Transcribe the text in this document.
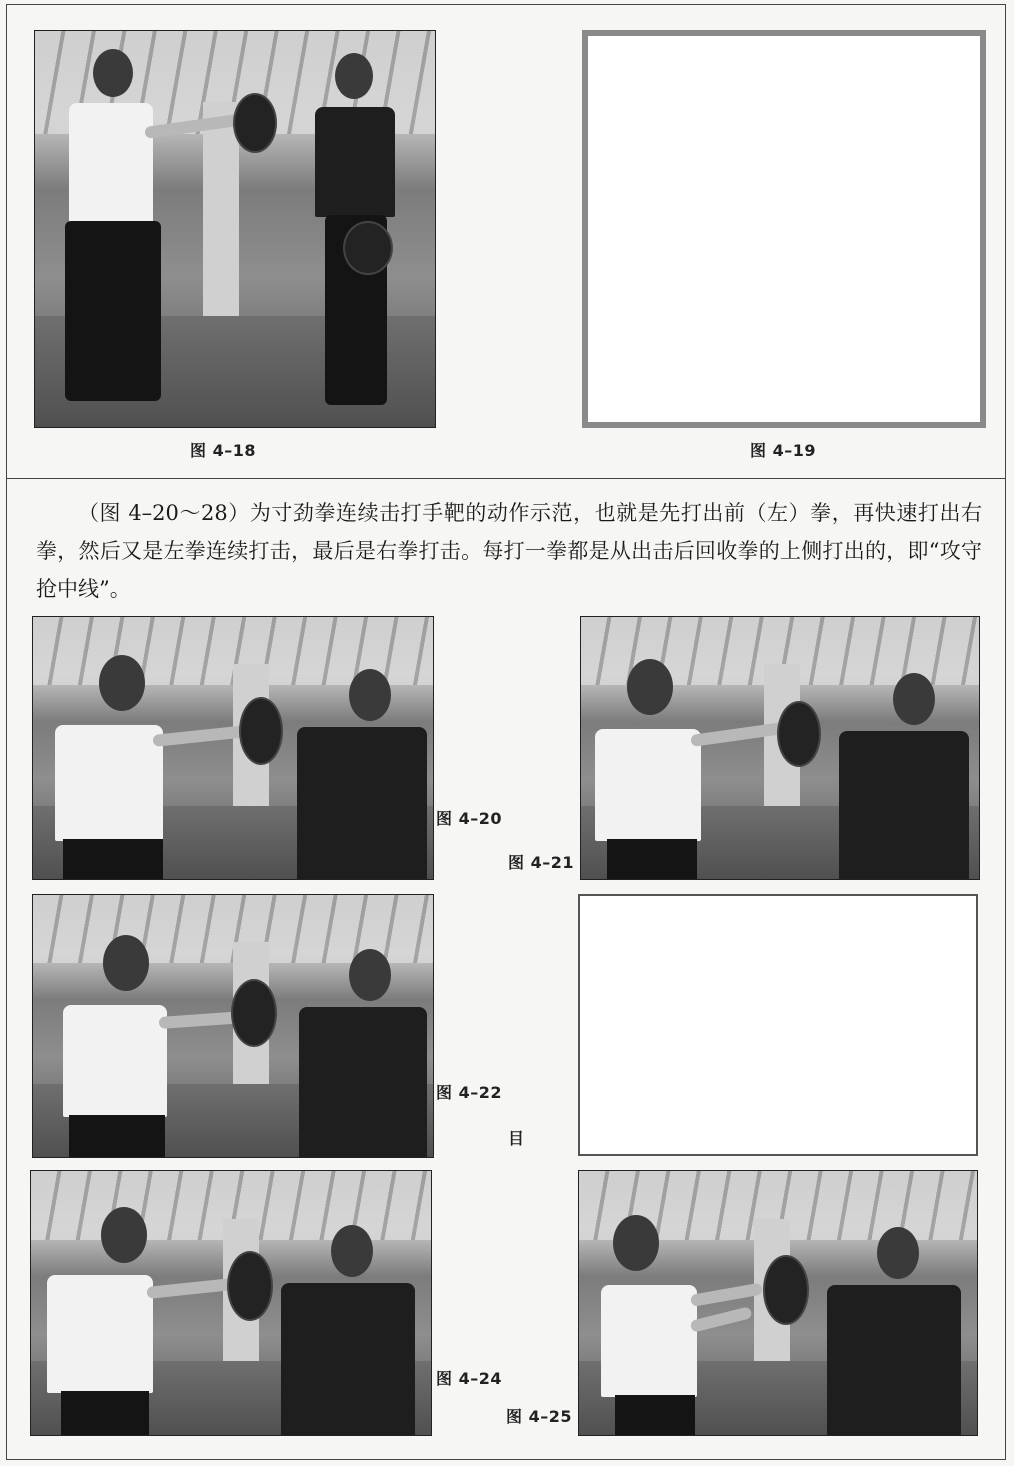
图 4–18	图 4–19

（图 4–20～28）为寸劲拳连续击打手靶的动作示范，也就是先打出前（左）拳，再快速打出右拳，然后又是左拳连续打击，最后是右拳打击。每打一拳都是从出击后回收拳的上侧打出的，即“攻守抢中线”。

图 4–20
图 4–21
图 4–22
目
图 4–24
图 4–25
